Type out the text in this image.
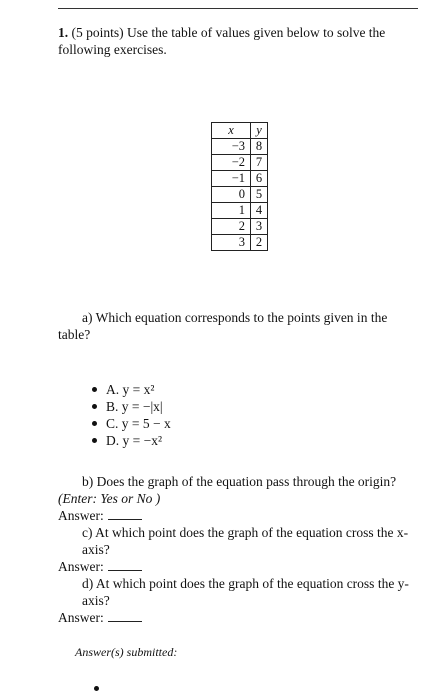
1. (5 points) Use the table of values given below to solve the following exercises.
x	y
−3	8
−2	7
−1	6
0	5
1	4
2	3
3	2
a) Which equation corresponds to the points given in the table?
A. y = x²
B. y = −|x|
C. y = 5 − x
D. y = −x²
b) Does the graph of the equation pass through the origin?
(Enter: Yes or No )
Answer:
c) At which point does the graph of the equation cross the x-axis?
Answer:
d) At which point does the graph of the equation cross the y-axis?
Answer:
Answer(s) submitted:
